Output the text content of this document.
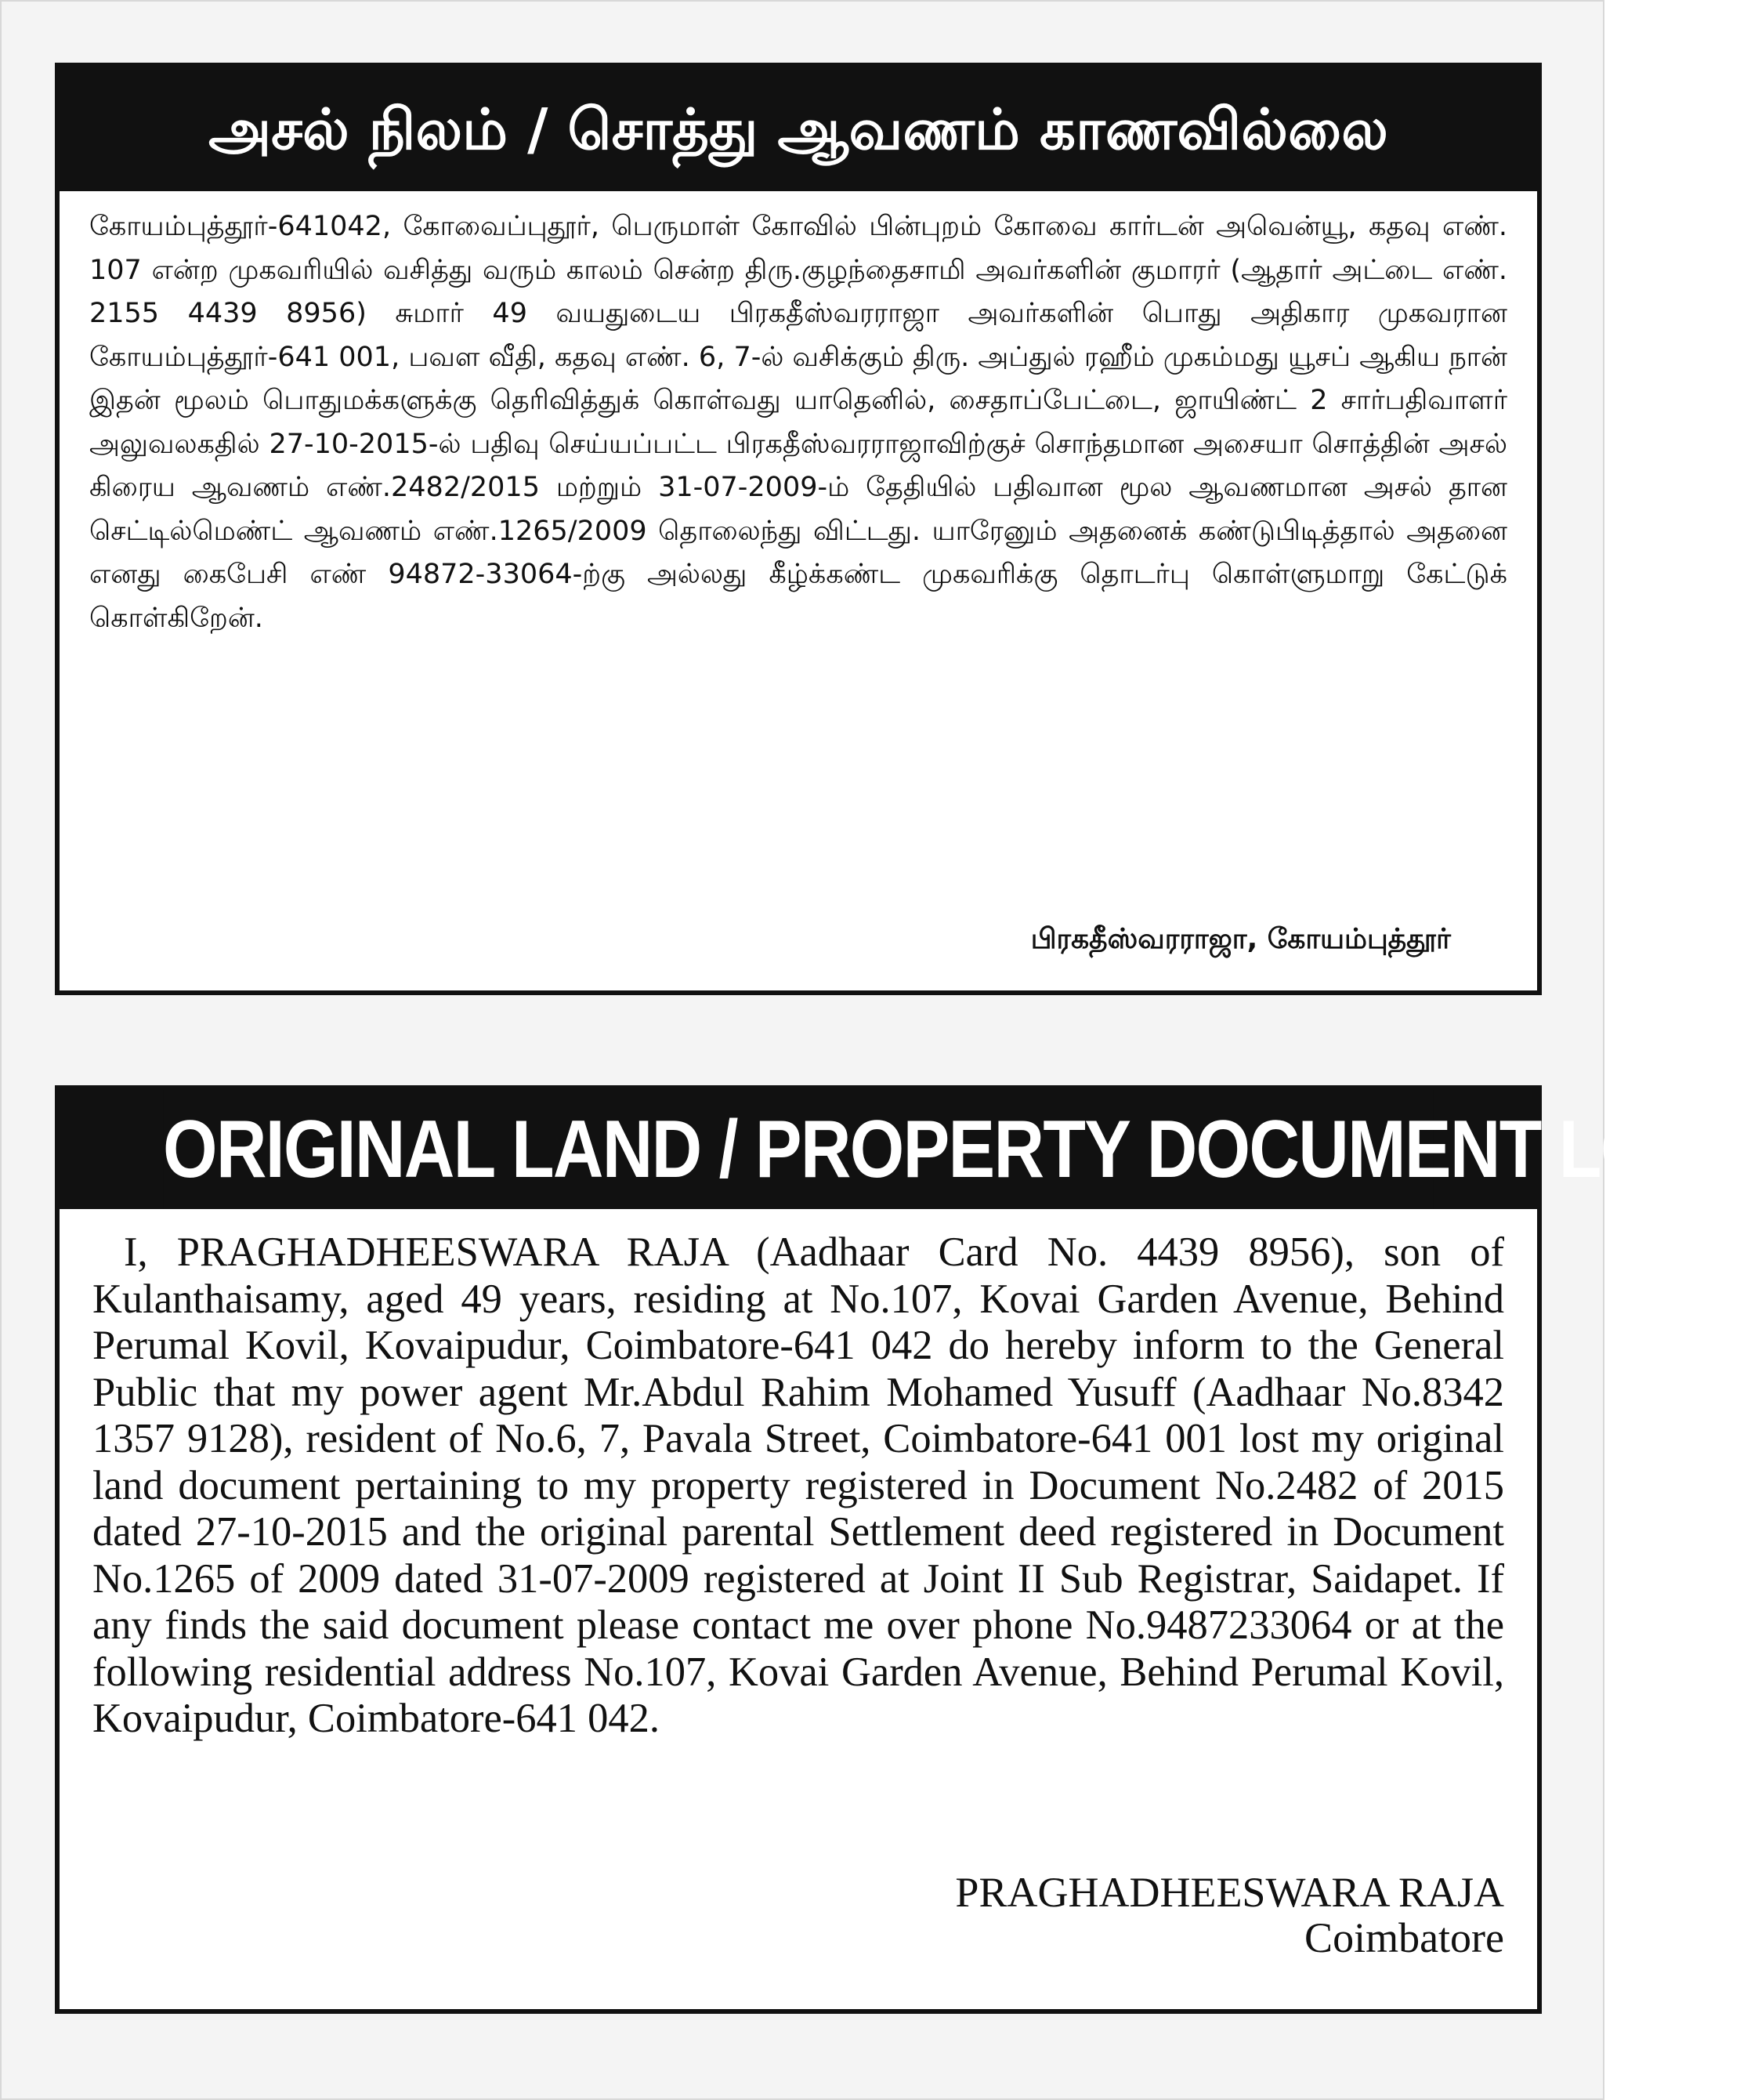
அசல் நிலம் / சொத்து ஆவணம் காணவில்லை

கோயம்புத்தூர்-641042, கோவைப்புதூர், பெருமாள் கோவில் பின்புறம் கோவை கார்டன் அவென்யூ, கதவு எண். 107 என்ற முகவரியில் வசித்து வரும் காலம் சென்ற திரு.குழந்தைசாமி அவர்களின் குமாரர் (ஆதார் அட்டை எண். 2155 4439 8956) சுமார் 49 வயதுடைய பிரகதீஸ்வரராஜா அவர்களின் பொது அதிகார முகவரான கோயம்புத்தூர்-641 001, பவள வீதி, கதவு எண். 6, 7-ல் வசிக்கும் திரு. அப்துல் ரஹீம் முகம்மது யூசப் ஆகிய நான் இதன் மூலம் பொதுமக்களுக்கு தெரிவித்துக் கொள்வது யாதெனில், சைதாப்பேட்டை, ஜாயிண்ட் 2 சார்பதிவாளர் அலுவலகதில் 27-10-2015-ல் பதிவு செய்யப்பட்ட பிரகதீஸ்வரராஜாவிற்குச் சொந்தமான அசையா சொத்தின் அசல் கிரைய ஆவணம் எண்.2482/2015 மற்றும் 31-07-2009-ம் தேதியில் பதிவான மூல ஆவணமான அசல் தான செட்டில்மெண்ட் ஆவணம் எண்.1265/2009 தொலைந்து விட்டது. யாரேனும் அதனைக் கண்டுபிடித்தால் அதனை எனது கைபேசி எண் 94872-33064-ற்கு அல்லது கீழ்க்கண்ட முகவரிக்கு தொடர்பு கொள்ளுமாறு கேட்டுக் கொள்கிறேன்.

பிரகதீஸ்வரராஜா, கோயம்புத்தூர்
ORIGINAL LAND / PROPERTY DOCUMENT LOST

I, PRAGHADHEESWARA RAJA (Aadhaar Card No. 4439 8956), son of Kulanthaisamy, aged 49 years, residing at No.107, Kovai Garden Avenue, Behind Perumal Kovil, Kovaipudur, Coimbatore-641 042 do hereby inform to the General Public that my power agent Mr.Abdul Rahim Mohamed Yusuff (Aadhaar No.8342 1357 9128), resident of No.6, 7, Pavala Street, Coimbatore-641 001 lost my original land document pertaining to my property registered in Document No.2482 of 2015 dated 27-10-2015 and the original parental Settlement deed registered in Document No.1265 of 2009 dated 31-07-2009 registered at Joint II Sub Registrar, Saidapet. If any finds the said document please contact me over phone No.9487233064 or at the following residential address No.107, Kovai Garden Avenue, Behind Perumal Kovil, Kovaipudur, Coimbatore-641 042.

PRAGHADHEESWARA RAJA
Coimbatore
